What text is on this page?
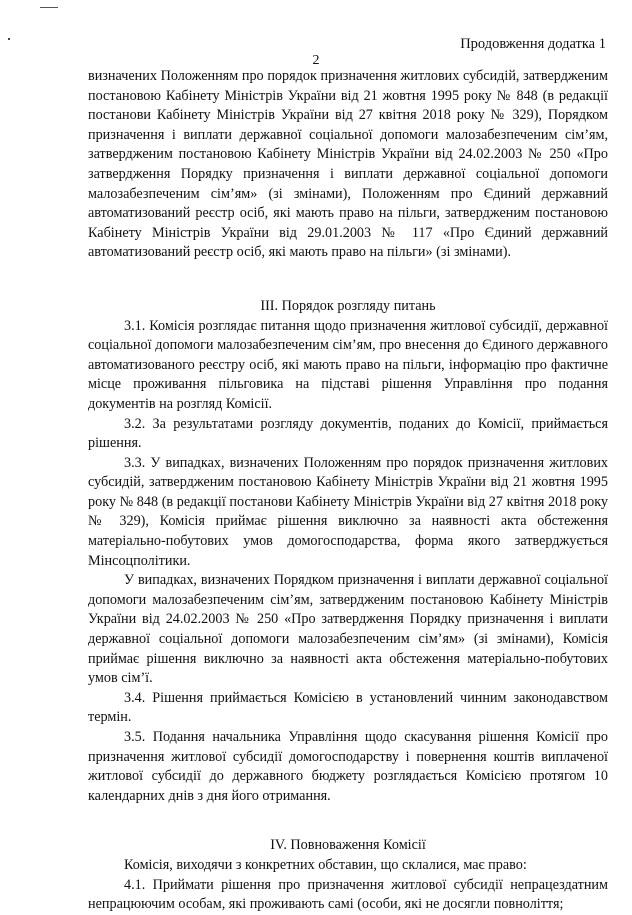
Продовження додатка 1
2

визначених Положенням про порядок призначення житлових субсидій, затвердженим постановою Кабінету Міністрів України від 21 жовтня 1995 року № 848 (в редакції постанови Кабінету Міністрів України від 27 квітня 2018 року № 329), Порядком призначення і виплати державної соціальної допомоги малозабезпеченим сім’ям, затвердженим постановою Кабінету Міністрів України від 24.02.2003 № 250 «Про затвердження Порядку призначення і виплати державної соціальної допомоги малозабезпеченим сім’ям» (зі змінами), Положенням про Єдиний державний автоматизований реєстр осіб, які мають право на пільги, затвердженим постановою Кабінету Міністрів України від 29.01.2003 № 117 «Про Єдиний державний автоматизований реєстр осіб, які мають право на пільги» (зі змінами).

III. Порядок розгляду питань

3.1. Комісія розглядає питання щодо призначення житлової субсидії, державної соціальної допомоги малозабезпеченим сім’ям, про внесення до Єдиного державного автоматизованого реєстру осіб, які мають право на пільги, інформацію про фактичне місце проживання пільговика на підставі рішення Управління про подання документів на розгляд Комісії.

3.2. За результатами розгляду документів, поданих до Комісії, приймається рішення.

3.3. У випадках, визначених Положенням про порядок призначення житлових субсидій, затвердженим постановою Кабінету Міністрів України від 21 жовтня 1995 року № 848 (в редакції постанови Кабінету Міністрів України від 27 квітня 2018 року № 329), Комісія приймає рішення виключно за наявності акта обстеження матеріально-побутових умов домогосподарства, форма якого затверджується Мінсоцполітики.

У випадках, визначених Порядком призначення і виплати державної соціальної допомоги малозабезпеченим сім’ям, затвердженим постановою Кабінету Міністрів України від 24.02.2003 № 250 «Про затвердження Порядку призначення і виплати державної соціальної допомоги малозабезпеченим сім’ям» (зі змінами), Комісія приймає рішення виключно за наявності акта обстеження матеріально-побутових умов сім’ї.

3.4. Рішення приймається Комісією в установлений чинним законодавством термін.

3.5. Подання начальника Управління щодо скасування рішення Комісії про призначення житлової субсидії домогосподарству і повернення коштів виплаченої житлової субсидії до державного бюджету розглядається Комісією протягом 10 календарних днів з дня його отримання.

IV. Повноваження Комісії

Комісія, виходячи з конкретних обставин, що склалися, має право:

4.1. Приймати рішення про призначення житлової субсидії непрацездатним непрацюючим особам, які проживають самі (особи, які не досягли повноліття;
